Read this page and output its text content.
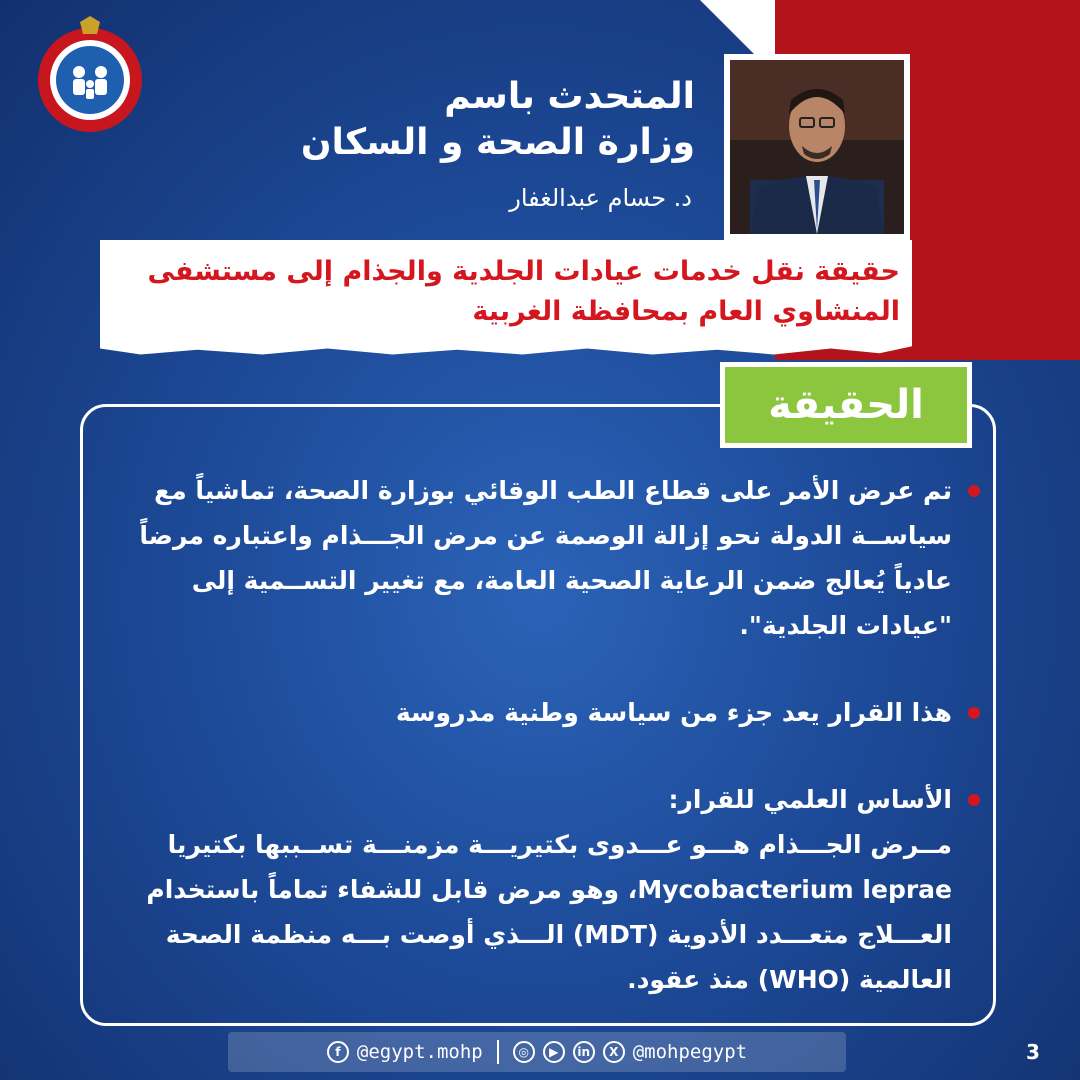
المتحدث باسم
وزارة الصحة و السكان
د. حسام عبدالغفار
حقيقة نقل خدمات عيادات الجلدية والجذام إلى مستشفى
المنشاوي العام بمحافظة الغربية
الحقيقة
تم عرض الأمر على قطاع الطب الوقائي بوزارة الصحة، تماشياً مع
سياســة الدولة نحو إزالة الوصمة عن مرض الجـــذام واعتباره مرضاً
عادياً يُعالج ضمن الرعاية الصحية العامة، مع تغيير التســمية إلى
"عيادات الجلدية".
هذا القرار يعد جزء من سياسة وطنية مدروسة
الأساس العلمي للقرار:
مــرض الجـــذام هـــو عـــدوى بكتيريـــة مزمنـــة تســببها بكتيريا
Mycobacterium leprae، وهو مرض قابل للشفاء تماماً باستخدام
العـــلاج متعـــدد الأدوية (MDT) الـــذي أوصت بـــه منظمة الصحة
العالمية (WHO) منذ عقود.
f @egypt.mohp	◎	▶	in	X @mohpegypt	3
